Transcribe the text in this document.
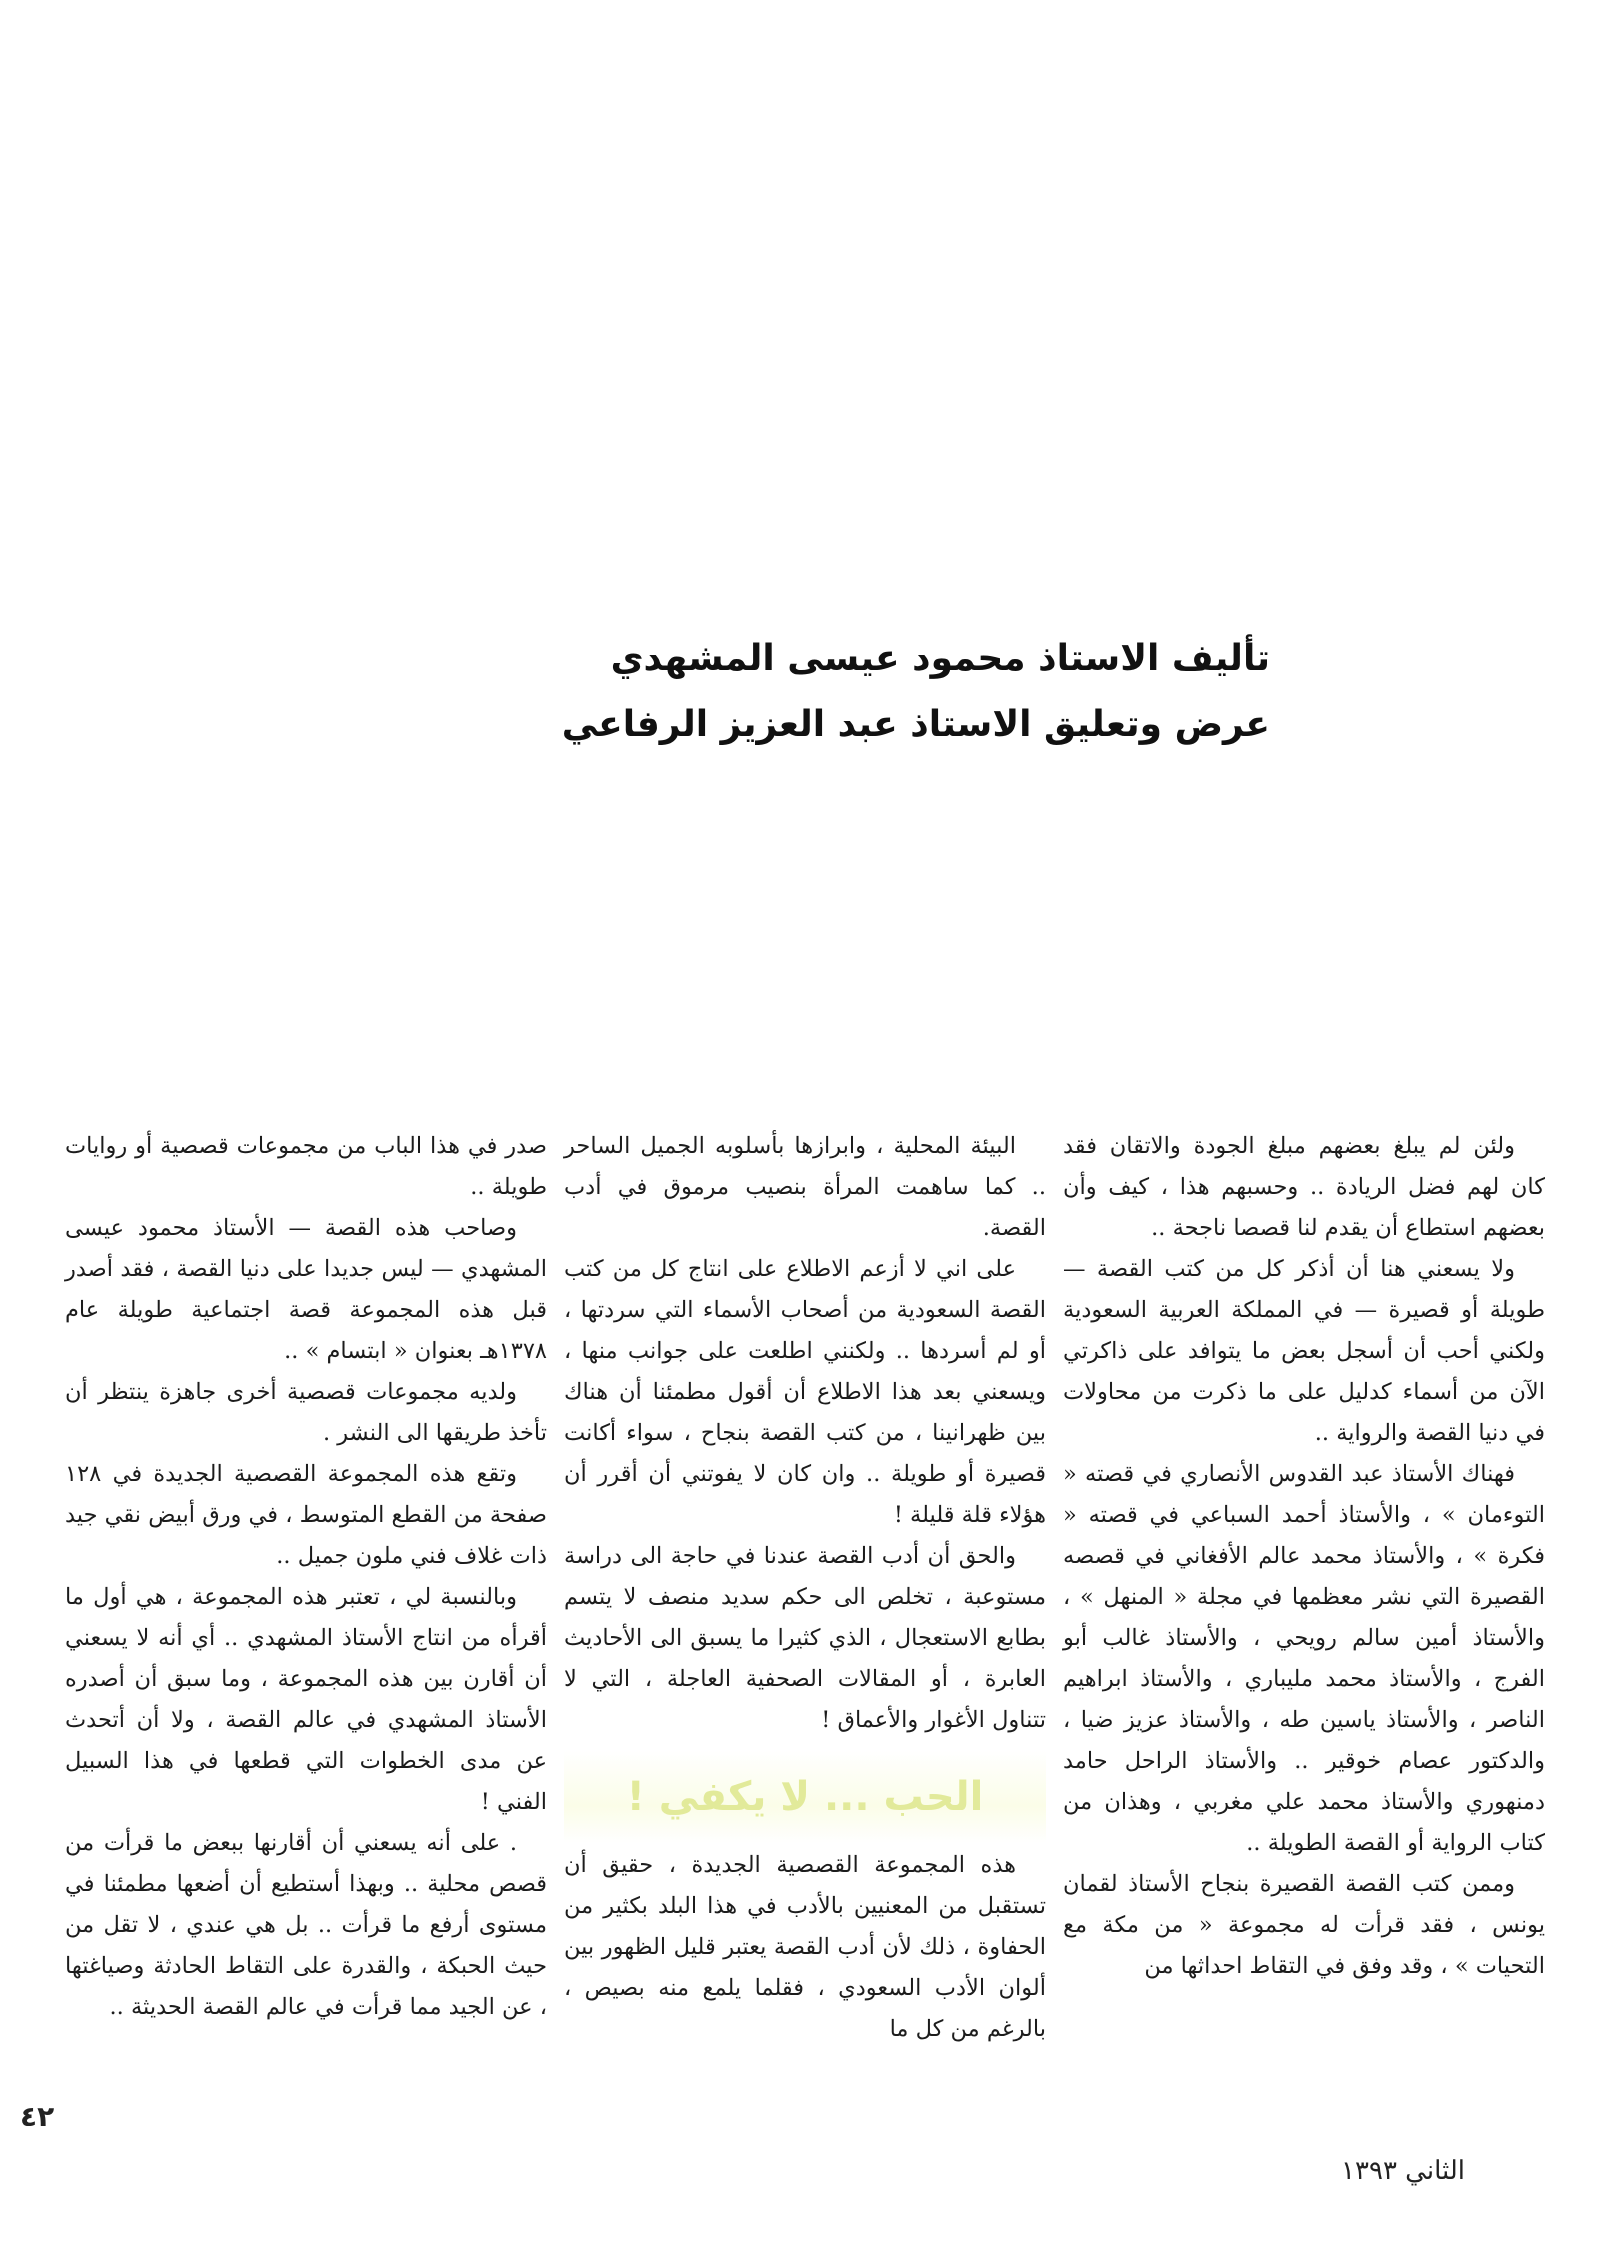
تأليف الاستاذ محمود عيسى المشهدي
عرض وتعليق الاستاذ عبد العزيز الرفاعي

ولئن لم يبلغ بعضهم مبلغ الجودة والاتقان فقد كان لهم فضل الريادة .. وحسبهم هذا ، كيف وأن بعضهم استطاع أن يقدم لنا قصصا ناجحة ..

ولا يسعني هنا أن أذكر كل من كتب القصة — طويلة أو قصيرة — في المملكة العربية السعودية ولكني أحب أن أسجل بعض ما يتوافد على ذاكرتي الآن من أسماء كدليل على ما ذكرت من محاولات في دنيا القصة والرواية ..

فهناك الأستاذ عبد القدوس الأنصاري في قصته « التوءمان » ، والأستاذ أحمد السباعي في قصته « فكرة » ، والأستاذ محمد عالم الأفغاني في قصصه القصيرة التي نشر معظمها في مجلة « المنهل » ، والأستاذ أمين سالم رويحي ، والأستاذ غالب أبو الفرج ، والأستاذ محمد مليباري ، والأستاذ ابراهيم الناصر ، والأستاذ ياسين طه ، والأستاذ عزيز ضيا ، والدكتور عصام خوقير .. والأستاذ الراحل حامد دمنهوري والأستاذ محمد علي مغربي ، وهذان من كتاب الرواية أو القصة الطويلة ..

وممن كتب القصة القصيرة بنجاح الأستاذ لقمان يونس ، فقد قرأت له مجموعة « من مكة مع التحيات » ، وقد وفق في التقاط احداثها من

البيئة المحلية ، وابرازها بأسلوبه الجميل الساحر .. كما ساهمت المرأة بنصيب مرموق في أدب القصة.

على اني لا أزعم الاطلاع على انتاج كل من كتب القصة السعودية من أصحاب الأسماء التي سردتها ، أو لم أسردها .. ولكنني اطلعت على جوانب منها ، ويسعني بعد هذا الاطلاع أن أقول مطمئنا أن هناك بين ظهرانينا ، من كتب القصة بنجاح ، سواء أكانت قصيرة أو طويلة .. وان كان لا يفوتني أن أقرر أن هؤلاء قلة قليلة !

والحق أن أدب القصة عندنا في حاجة الى دراسة مستوعبة ، تخلص الى حكم سديد منصف لا يتسم بطابع الاستعجال ، الذي كثيرا ما يسبق الى الأحاديث العابرة ، أو المقالات الصحفية العاجلة ، التي لا تتناول الأغوار والأعماق !

الحب ... لا يكفي !

هذه المجموعة القصصية الجديدة ، حقيق أن تستقبل من المعنيين بالأدب في هذا البلد بكثير من الحفاوة ، ذلك لأن أدب القصة يعتبر قليل الظهور بين ألوان الأدب السعودي ، فقلما يلمع منه بصيص ، بالرغم من كل ما

صدر في هذا الباب من مجموعات قصصية أو روايات طويلة ..

وصاحب هذه القصة — الأستاذ محمود عيسى المشهدي — ليس جديدا على دنيا القصة ، فقد أصدر قبل هذه المجموعة قصة اجتماعية طويلة عام ١٣٧٨هـ بعنوان « ابتسام » ..

ولديه مجموعات قصصية أخرى جاهزة ينتظر أن تأخذ طريقها الى النشر .

وتقع هذه المجموعة القصصية الجديدة في ١٢٨ صفحة من القطع المتوسط ، في ورق أبيض نقي جيد ذات غلاف فني ملون جميل ..

وبالنسبة لي ، تعتبر هذه المجموعة ، هي أول ما أقرأه من انتاج الأستاذ المشهدي .. أي أنه لا يسعني أن أقارن بين هذه المجموعة ، وما سبق أن أصدره الأستاذ المشهدي في عالم القصة ، ولا أن أتحدث عن مدى الخطوات التي قطعها في هذا السبيل الفني !

. على أنه يسعني أن أقارنها ببعض ما قرأت من قصص محلية .. وبهذا أستطيع أن أضعها مطمئنا في مستوى أرفع ما قرأت .. بل هي عندي ، لا تقل من حيث الحبكة ، والقدرة على التقاط الحادثة وصياغتها ، عن الجيد مما قرأت في عالم القصة الحديثة ..

٤٢
الثاني ١٣٩٣
